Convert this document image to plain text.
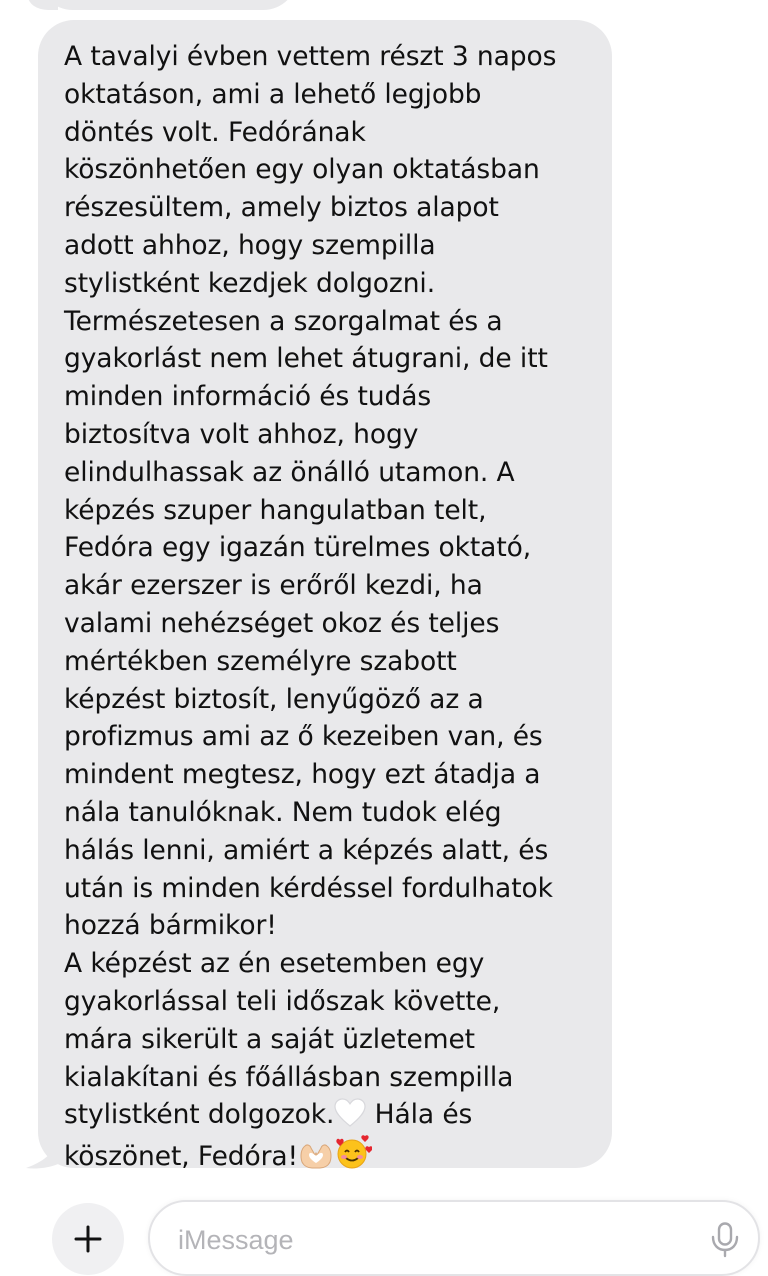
A tavalyi évben vettem részt 3 napos
oktatáson, ami a lehető legjobb
döntés volt. Fedórának
köszönhetően egy olyan oktatásban
részesültem, amely biztos alapot
adott ahhoz, hogy szempilla
stylistként kezdjek dolgozni.
Természetesen a szorgalmat és a
gyakorlást nem lehet átugrani, de itt
minden információ és tudás
biztosítva volt ahhoz, hogy
elindulhassak az önálló utamon. A
képzés szuper hangulatban telt,
Fedóra egy igazán türelmes oktató,
akár ezerszer is erőről kezdi, ha
valami nehézséget okoz és teljes
mértékben személyre szabott
képzést biztosít, lenyűgöző az a
profizmus ami az ő kezeiben van, és
mindent megtesz, hogy ezt átadja a
nála tanulóknak. Nem tudok elég
hálás lenni, amiért a képzés alatt, és
után is minden kérdéssel fordulhatok
hozzá bármikor!
A képzést az én esetemben egy
gyakorlással teli időszak követte,
mára sikerült a saját üzletemet
kialakítani és főállásban szempilla
stylistként dolgozok. Hála és
köszönet, Fedóra!
iMessage
